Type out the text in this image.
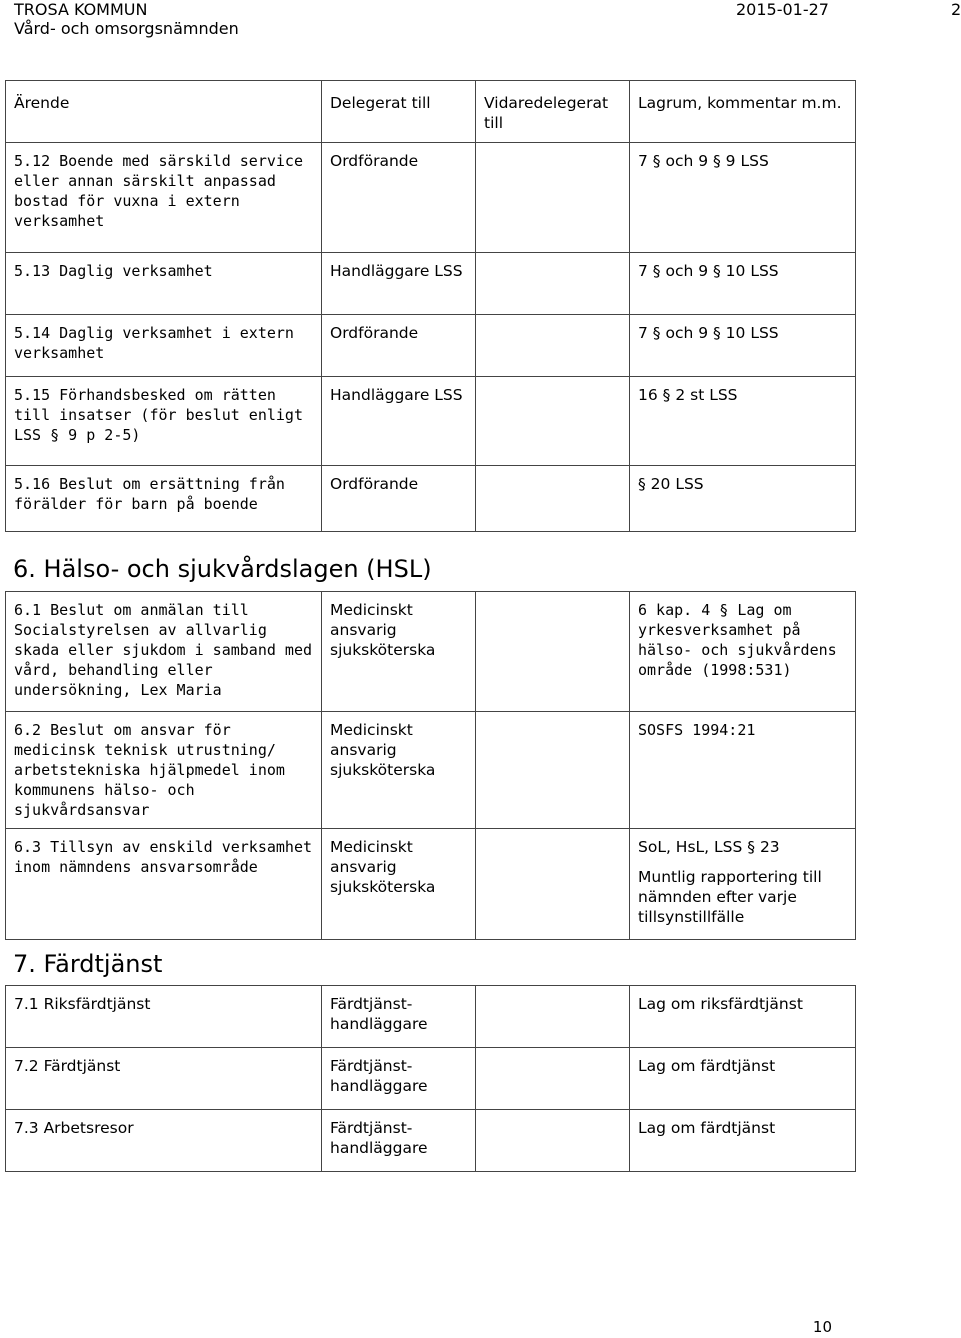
TROSA KOMMUN
Vård- och omsorgsnämnden
2015-01-27	2
Ärende	Delegerat till	Vidaredelegerat till	Lagrum, kommentar m.m.
5.12 Boende med särskild service eller annan särskilt anpassad bostad för vuxna i extern verksamhet	Ordförande		7 § och 9 § 9 LSS
5.13 Daglig verksamhet	Handläggare LSS		7 § och 9 § 10 LSS
5.14 Daglig verksamhet i extern verksamhet	Ordförande		7 § och 9 § 10 LSS
5.15 Förhandsbesked om rätten till insatser (för beslut enligt LSS § 9 p 2-5)	Handläggare LSS		16 § 2 st LSS
5.16 Beslut om ersättning från förälder för barn på boende	Ordförande		§ 20 LSS
6. Hälso- och sjukvårdslagen (HSL)
6.1 Beslut om anmälan till Socialstyrelsen av allvarlig skada eller sjukdom i samband med vård, behandling eller undersökning, Lex Maria	Medicinskt ansvarig sjuksköterska		6 kap. 4 § Lag om yrkesverksamhet på hälso- och sjukvårdens område (1998:531)
6.2 Beslut om ansvar för medicinsk teknisk utrustning/ arbetstekniska hjälpmedel inom kommunens hälso- och sjukvårdsansvar	Medicinskt ansvarig sjuksköterska		SOSFS 1994:21
6.3 Tillsyn av enskild verksamhet inom nämndens ansvarsområde	Medicinskt ansvarig sjuksköterska		SoL, HsL, LSS § 23
Muntlig rapportering till nämnden efter varje tillsynstillfälle
7. Färdtjänst
7.1 Riksfärdtjänst	Färdtjänst-handläggare		Lag om riksfärdtjänst
7.2 Färdtjänst	Färdtjänst-handläggare		Lag om färdtjänst
7.3 Arbetsresor	Färdtjänst-handläggare		Lag om färdtjänst
10
